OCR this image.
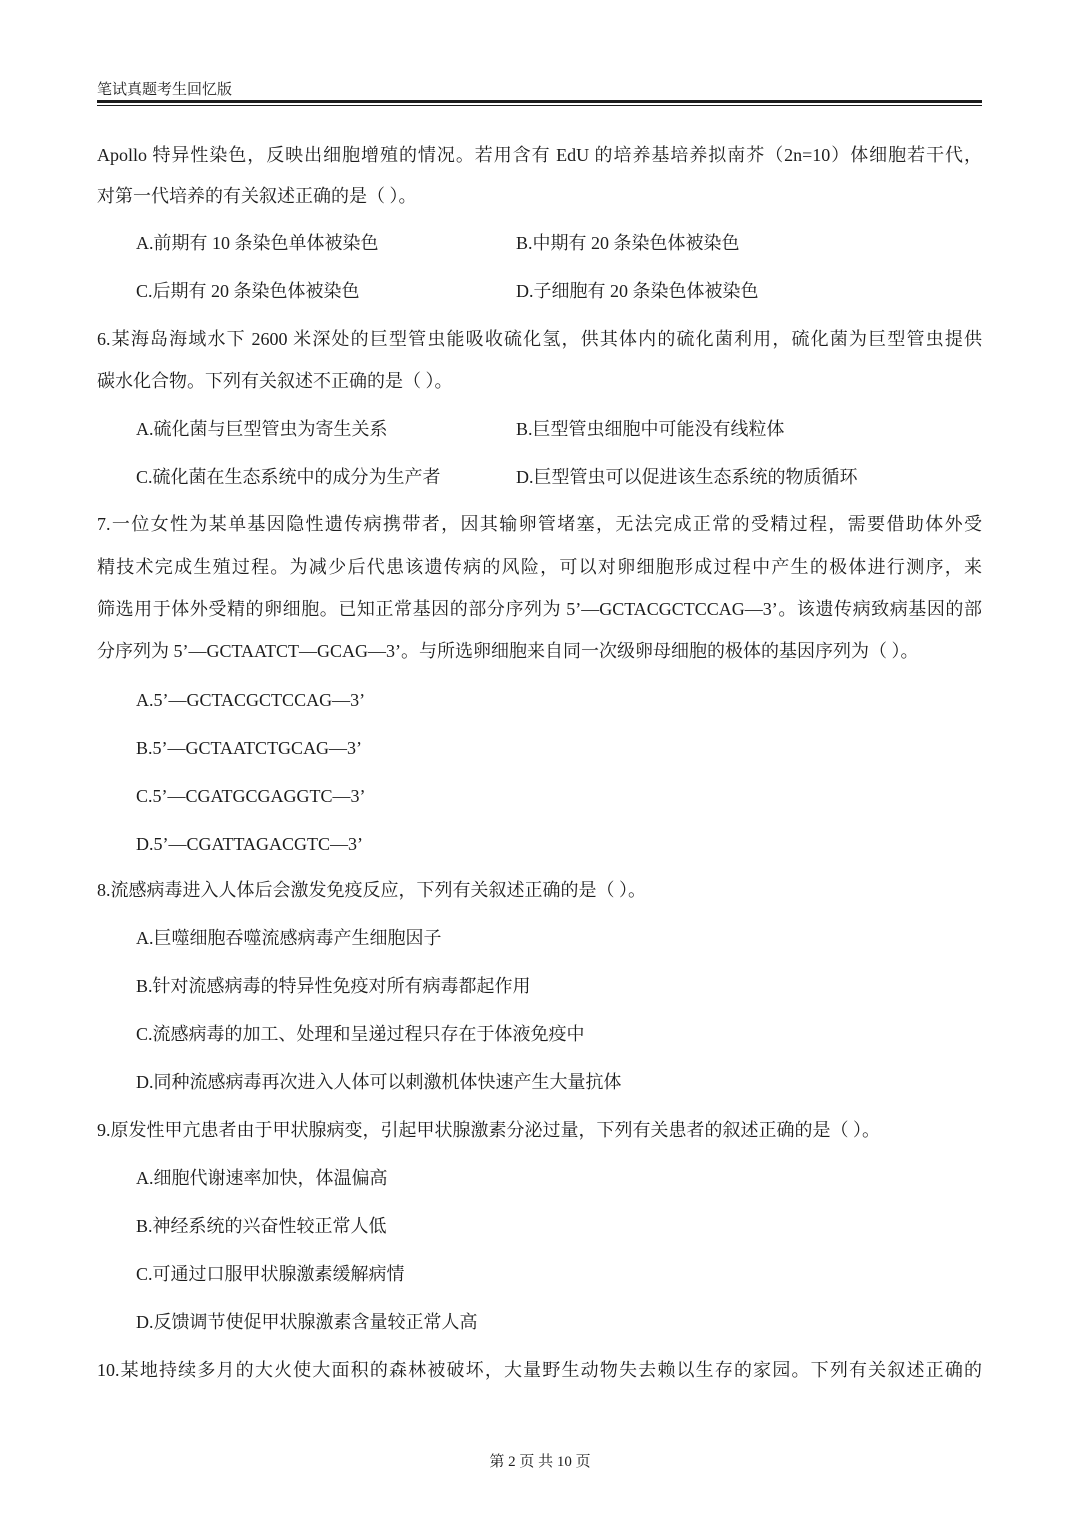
笔试真题考生回忆版
Apollo 特异性染色，反映出细胞增殖的情况。若用含有 EdU 的培养基培养拟南芥（2n=10）体细胞若干代，
对第一代培养的有关叙述正确的是（ ）。
A.前期有 10 条染色单体被染色	B.中期有 20 条染色体被染色
C.后期有 20 条染色体被染色	D.子细胞有 20 条染色体被染色
6.某海岛海域水下 2600 米深处的巨型管虫能吸收硫化氢，供其体内的硫化菌利用，硫化菌为巨型管虫提供
碳水化合物。下列有关叙述不正确的是（ ）。
A.硫化菌与巨型管虫为寄生关系	B.巨型管虫细胞中可能没有线粒体
C.硫化菌在生态系统中的成分为生产者	D.巨型管虫可以促进该生态系统的物质循环
7.一位女性为某单基因隐性遗传病携带者，因其输卵管堵塞，无法完成正常的受精过程，需要借助体外受
精技术完成生殖过程。为减少后代患该遗传病的风险，可以对卵细胞形成过程中产生的极体进行测序，来
筛选用于体外受精的卵细胞。已知正常基因的部分序列为 5’—GCTACGCTCCAG—3’。该遗传病致病基因的部
分序列为 5’—GCTAATCT—GCAG—3’。与所选卵细胞来自同一次级卵母细胞的极体的基因序列为（ ）。
A.5’—GCTACGCTCCAG—3’
B.5’—GCTAATCTGCAG—3’
C.5’—CGATGCGAGGTC—3’
D.5’—CGATTAGACGTC—3’
8.流感病毒进入人体后会激发免疫反应，下列有关叙述正确的是（ ）。
A.巨噬细胞吞噬流感病毒产生细胞因子
B.针对流感病毒的特异性免疫对所有病毒都起作用
C.流感病毒的加工、处理和呈递过程只存在于体液免疫中
D.同种流感病毒再次进入人体可以刺激机体快速产生大量抗体
9.原发性甲亢患者由于甲状腺病变，引起甲状腺激素分泌过量，下列有关患者的叙述正确的是（ ）。
A.细胞代谢速率加快，体温偏高
B.神经系统的兴奋性较正常人低
C.可通过口服甲状腺激素缓解病情
D.反馈调节使促甲状腺激素含量较正常人高
10.某地持续多月的大火使大面积的森林被破坏，大量野生动物失去赖以生存的家园。下列有关叙述正确的
第 2 页 共 10 页
